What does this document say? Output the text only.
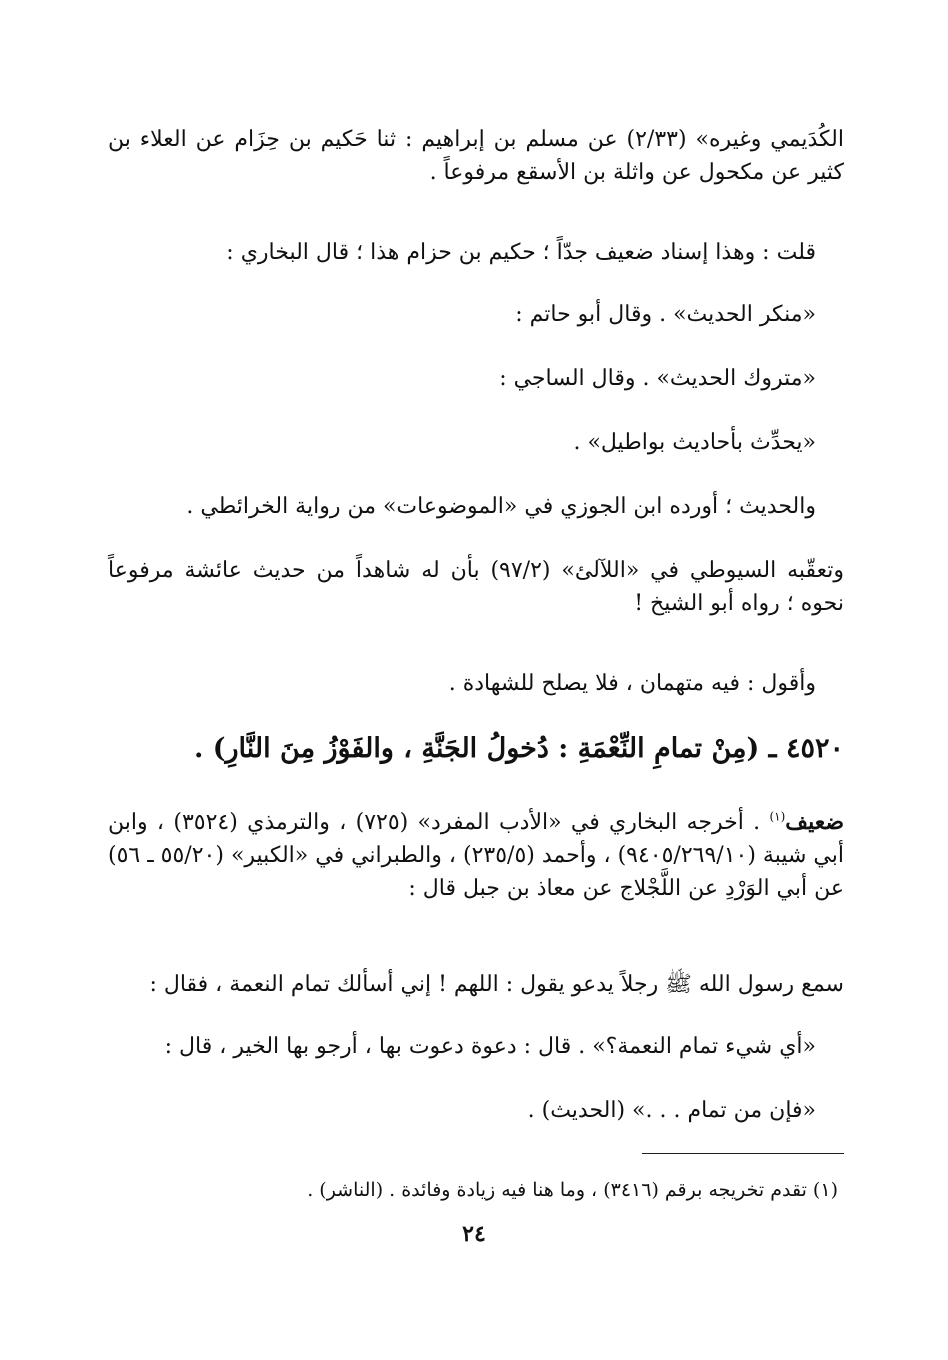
الكُدَيمي وغيره» (٢/٣٣) عن مسلم بن إبراهيم : ثنا حَكيم بن حِزَام عن العلاء بن كثير عن مكحول عن واثلة بن الأسقع مرفوعاً .
قلت : وهذا إسناد ضعيف جدّاً ؛ حكيم بن حزام هذا ؛ قال البخاري :
«منكر الحديث» . وقال أبو حاتم :
«متروك الحديث» . وقال الساجي :
«يحدِّث بأحاديث بواطيل» .
والحديث ؛ أورده ابن الجوزي في «الموضوعات» من رواية الخرائطي .
وتعقّبه السيوطي في «اللآلئ» (٩٧/٢) بأن له شاهداً من حديث عائشة مرفوعاً نحوه ؛ رواه أبو الشيخ !
وأقول : فيه متهمان ، فلا يصلح للشهادة .
٤٥٢٠ ـ (مِنْ تمامِ النِّعْمَةِ : دُخولُ الجَنَّةِ ، والفَوْزُ مِنَ النَّارِ) .
ضعيف$^{(١)}$ . أخرجه البخاري في «الأدب المفرد» (٧٢٥) ، والترمذي (٣٥٢٤) ، وابن أبي شيبة (٩٤٠٥/٢٦٩/١٠) ، وأحمد (٢٣٥/٥) ، والطبراني في «الكبير» (٥٥/٢٠ ـ ٥٦) عن أبي الوَرْدِ عن اللَّجْلاج عن معاذ بن جبل قال :
سمع رسول الله ﷺ رجلاً يدعو يقول : اللهم ! إني أسألك تمام النعمة ، فقال :
«أي شيء تمام النعمة؟» . قال : دعوة دعوت بها ، أرجو بها الخير ، قال :
«فإن من تمام . . .» (الحديث) .
(١) تقدم تخريجه برقم (٣٤١٦) ، وما هنا فيه زيادة وفائدة . (الناشر) .
٢٤
